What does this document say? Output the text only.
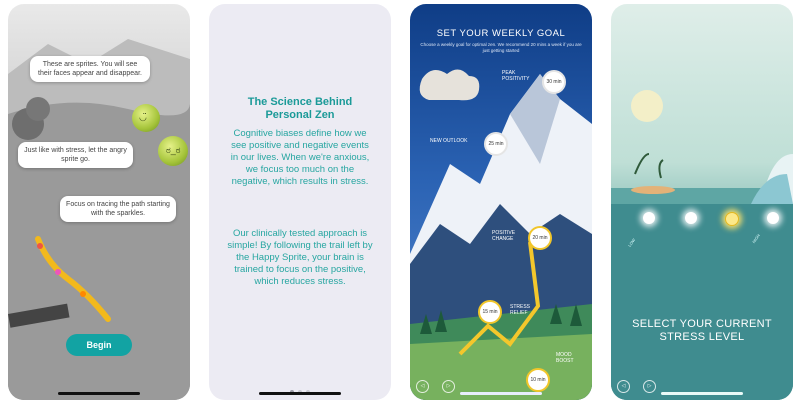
These are sprites. You will see their faces appear and disappear.
◡̈
Just like with stress, let the angry sprite go.
ಠ_ಠ
Focus on tracing the path starting with the sparkles.
Begin
The Science Behind Personal Zen
Cognitive biases define how we see positive and negative events in our lives. When we're anxious, we focus too much on the negative, which results in stress.
Our clinically tested approach is simple! By following the trail left by the Happy Sprite, your brain is trained to focus on the positive, which reduces stress.
SET YOUR WEEKLY GOAL
Choose a weekly goal for optimal zen. We recommend 20 mins a week if you are just getting started
30 min
PEAK POSITIVITY
25 min
NEW OUTLOOK
20 min
POSITIVE CHANGE
15 min
STRESS RELIEF
10 min
MOOD BOOST
◁	▷
LOW	HIGH
SELECT YOUR CURRENT STRESS LEVEL
◁	▷
